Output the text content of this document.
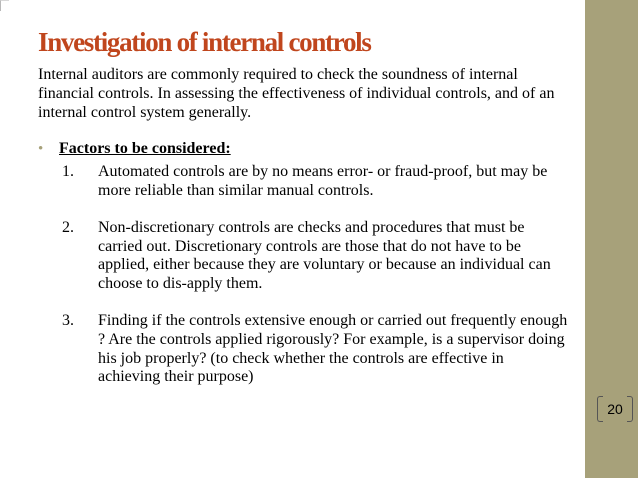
Investigation of internal controls

Internal auditors are commonly required to check the soundness of internal financial controls. In assessing the effectiveness of individual controls, and of an internal control system generally.

• Factors to be considered:
1.	Automated controls are by no means error- or fraud-proof, but may be more reliable than similar manual controls.
2.	Non-discretionary controls are checks and procedures that must be carried out. Discretionary controls are those that do not have to be applied, either because they are voluntary or because an individual can choose to dis-apply them.
3.	Finding if the controls extensive enough or carried out frequently enough ? Are the controls applied rigorously? For example, is a supervisor doing his job properly? (to check whether the controls are effective in achieving their purpose)
20
